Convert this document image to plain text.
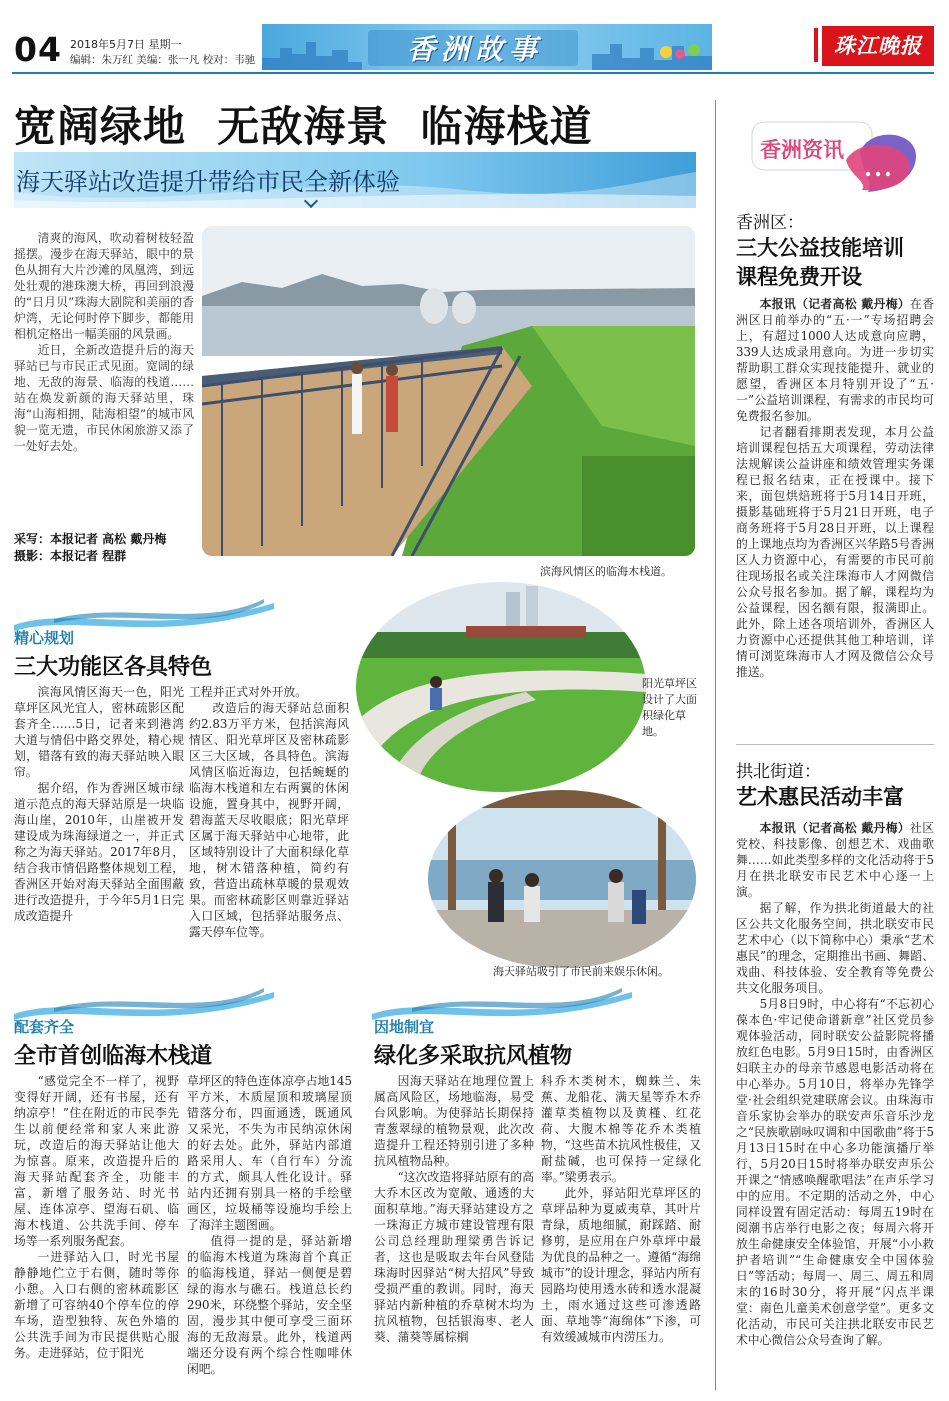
04 2018年5月7日 星期一
编辑：朱万红 美编：张一凡 校对：韦驰	香洲故事	珠江晚报
宽阔绿地  无敌海景  临海栈道
海天驿站改造提升带给市民全新体验

清爽的海风，吹动着树枝轻盈摇摆。漫步在海天驿站，眼中的景色从拥有大片沙滩的凤凰湾，到远处壮观的港珠澳大桥，再回到浪漫的“日月贝”珠海大剧院和美丽的香炉湾，无论何时停下脚步，都能用相机定格出一幅美丽的风景画。

近日，全新改造提升后的海天驿站已与市民正式见面。宽阔的绿地、无敌的海景、临海的栈道……站在焕发新颜的海天驿站里，珠海“山海相拥，陆海相望”的城市风貌一览无遗，市民休闲旅游又添了一处好去处。

采写：本报记者 高松 戴丹梅
摄影：本报记者 程群
滨海风情区的临海木栈道。
精心规划
三大功能区各具特色

滨海风情区海天一色，阳光草坪区风光宜人，密林疏影区配套齐全……5日，记者来到港湾大道与情侣中路交界处，精心规划，错落有致的海天驿站映入眼帘。

据介绍，作为香洲区城市绿道示范点的海天驿站原是一块临海山崖，2010年，山崖被开发建设成为珠海绿道之一，并正式称之为海天驿站。2017年8月，结合我市情侣路整体规划工程，香洲区开始对海天驿站全面围蔽进行改造提升，于今年5月1日完成改造提升

工程并正式对外开放。

改造后的海天驿站总面积约2.83万平方米，包括滨海风情区、阳光草坪区及密林疏影区三大区域，各具特色。滨海风情区临近海边，包括蜿蜒的临海木栈道和左右两翼的休闲设施，置身其中，视野开阔，碧海蓝天尽收眼底；阳光草坪区属于海天驿站中心地带，此区域特别设计了大面积绿化草地，树木错落种植，简约有致，营造出疏林草暖的景观效果。而密林疏影区则靠近驿站入口区域，包括驿站服务点、露天停车位等。

阳光草坪区设计了大面积绿化草地。
海天驿站吸引了市民前来娱乐休闲。
配套齐全
全市首创临海木栈道

“感觉完全不一样了，视野变得好开阔，还有书屋，还有纳凉亭！”住在附近的市民李先生以前便经常和家人来此游玩，改造后的海天驿站让他大为惊喜。原来，改造提升后的海天驿站配套齐全，功能丰富，新增了服务站、时光书屋、连体凉亭、望海石矶、临海木栈道、公共洗手间、停车场等一系列服务配套。

一进驿站入口，时光书屋静静地伫立于右侧，随时等你小憩。入口右侧的密林疏影区新增了可容纳40个停车位的停车场，造型独特、灰色外墙的公共洗手间为市民提供贴心服务。走进驿站，位于阳光

草坪区的特色连体凉亭占地145平方米，木质屋顶和玻璃屋顶错落分布，四面通透，既通风又采光，不失为市民纳凉休闲的好去处。此外，驿站内部道路采用人、车（自行车）分流的方式，颇具人性化设计。驿站内还拥有别具一格的手绘壁画区，垃圾桶等设施均手绘上了海洋主题图画。

值得一提的是，驿站新增的临海木栈道为珠海首个真正的临海栈道，驿站一侧便是碧绿的海水与礁石。栈道总长约290米，环绕整个驿站，安全坚固，漫步其中便可享受三面环海的无敌海景。此外，栈道两端还分设有两个综合性咖啡休闲吧。

因地制宜
绿化多采取抗风植物

因海天驿站在地理位置上属高风险区，场地临海，易受台风影响。为使驿站长期保持青葱翠绿的植物景观，此次改造提升工程还特别引进了多种抗风植物品种。

“这次改造将驿站原有的高大乔木区改为宽敞、通透的大面积草地。”海天驿站建设方之一珠海正方城市建设管理有限公司总经理助理梁勇告诉记者，这也是吸取去年台风登陆珠海时因驿站“树大招风”导致受损严重的教训。同时，海天驿站内新种植的乔草树木均为抗风植物，包括银海枣、老人葵、蒲葵等属棕榈

科乔木类树木，蜘蛛兰、朱蕉、龙船花、满天星等乔木乔灌草类植物以及黄槿、红花荷、大腹木棉等花乔木类植物，“这些苗木抗风性极佳，又耐盐碱，也可保持一定绿化率。”梁勇表示。

此外，驿站阳光草坪区的草坪品种为夏威夷草，其叶片青绿，质地细腻，耐踩踏、耐修剪，是应用在户外草坪中最为优良的品种之一。遵循“海绵城市”的设计理念，驿站内所有园路均使用透水砖和透水混凝土，雨水通过这些可渗透路面、草地等“海绵体”下渗，可有效缓减城市内涝压力。

香洲资讯
香洲区：
三大公益技能培训
课程免费开设

本报讯（记者高松 戴丹梅）在香洲区日前举办的“五·一”专场招聘会上，有超过1000人达成意向应聘，339人达成录用意向。为进一步切实帮助职工群众实现技能提升、就业的愿望，香洲区本月特别开设了“五·一”公益培训课程，有需求的市民均可免费报名参加。

记者翻看排期表发现，本月公益培训课程包括五大项课程，劳动法律法规解读公益讲座和绩效管理实务课程已报名结束，正在授课中。接下来，面包烘焙班将于5月14日开班，摄影基础班将于5月21日开班，电子商务班将于5月28日开班，以上课程的上课地点均为香洲区兴华路5号香洲区人力资源中心，有需要的市民可前往现场报名或关注珠海市人才网微信公众号报名参加。据了解，课程均为公益课程，因名额有限，报满即止。此外，除上述各项培训外，香洲区人力资源中心还提供其他工种培训，详情可浏览珠海市人才网及微信公众号推送。

拱北街道：
艺术惠民活动丰富

本报讯（记者高松 戴丹梅）社区党校、科技影像、创想艺术、戏曲歌舞……如此类型多样的文化活动将于5月在拱北联安市民艺术中心逐一上演。

据了解，作为拱北街道最大的社区公共文化服务空间，拱北联安市民艺术中心（以下简称中心）秉承“艺术惠民”的理念，定期推出书画、舞蹈、戏曲、科技体验、安全教育等免费公共文化服务项目。

5月8日9时，中心将有“不忘初心葆本色·牢记使命谱新章”社区党员参观体验活动，同时联安公益影院将播放红色电影。5月9日15时，由香洲区妇联主办的母亲节感恩电影活动将在中心举办。5月10日，将举办先锋学堂·社会组织党建联席会议。由珠海市音乐家协会举办的联安声乐音乐沙龙之“民族歌剧咏叹调和中国歌曲”将于5月13日15时在中心多功能演播厅举行，5月20日15时将举办联安声乐公开课之“情感唤醒歌唱法”在声乐学习中的应用。不定期的活动之外，中心同样设置有固定活动：每周五19时在阅潮书店举行电影之夜；每周六将开放生命健康安全体验馆，开展“小小救护者培训”“生命健康安全中国体验日”等活动；每周一、周三、周五和周末的16时30分，将开展“闪点半课堂：南色儿童美术创意学堂”。更多文化活动，市民可关注拱北联安市民艺术中心微信公众号查询了解。
